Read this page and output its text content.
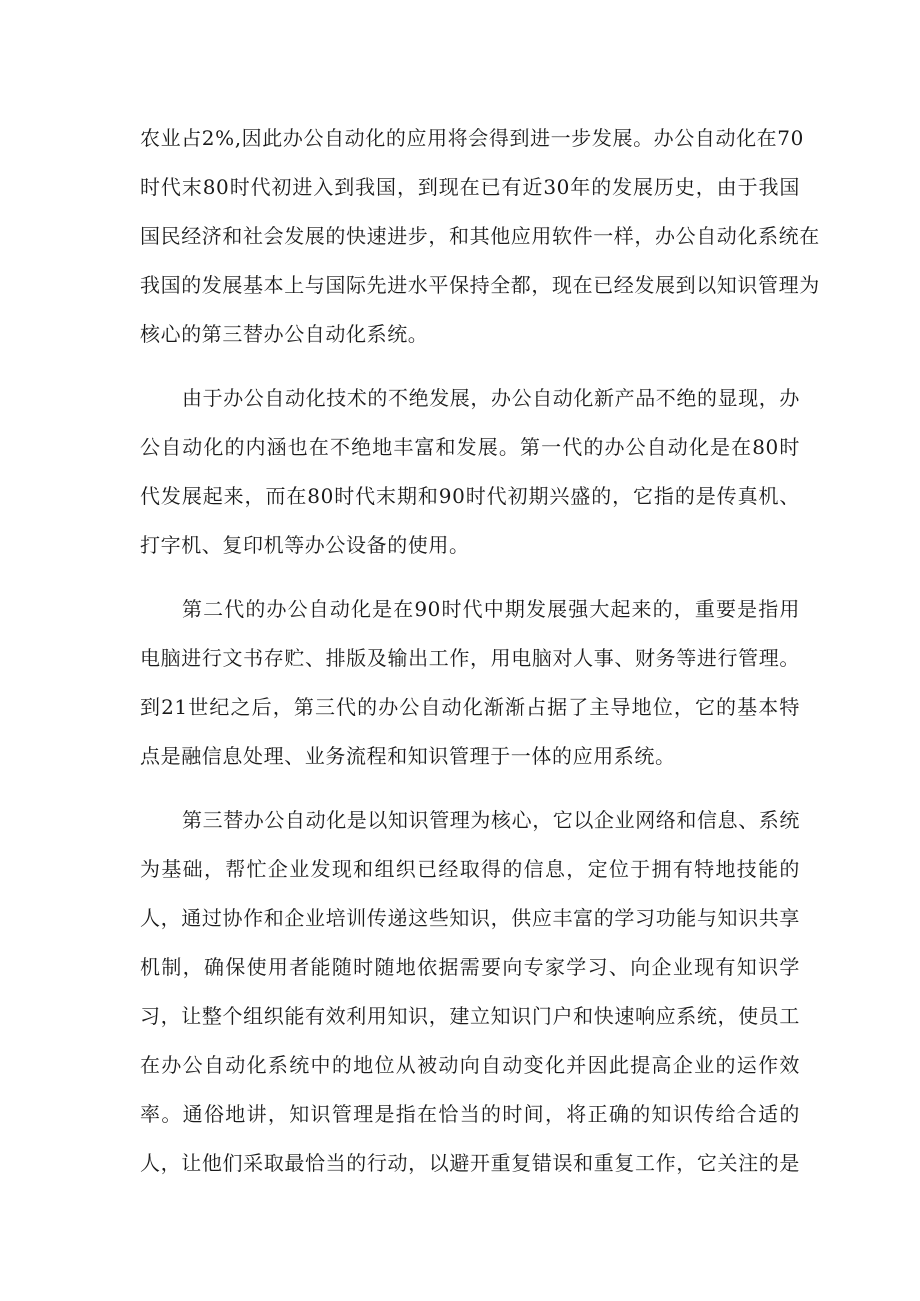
农业占2%,因此办公自动化的应用将会得到进一步发展。办公自动化在70
时代末80时代初进入到我国，到现在已有近30年的发展历史，由于我国
国民经济和社会发展的快速进步，和其他应用软件一样，办公自动化系统在
我国的发展基本上与国际先进水平保持全都，现在已经发展到以知识管理为
核心的第三替办公自动化系统。
由于办公自动化技术的不绝发展，办公自动化新产品不绝的显现，办
公自动化的内涵也在不绝地丰富和发展。第一代的办公自动化是在80时
代发展起来，而在80时代末期和90时代初期兴盛的，它指的是传真机、
打字机、复印机等办公设备的使用。
第二代的办公自动化是在90时代中期发展强大起来的，重要是指用
电脑进行文书存贮、排版及输出工作，用电脑对人事、财务等进行管理。
到21世纪之后，第三代的办公自动化渐渐占据了主导地位，它的基本特
点是融信息处理、业务流程和知识管理于一体的应用系统。
第三替办公自动化是以知识管理为核心，它以企业网络和信息、系统
为基础，帮忙企业发现和组织已经取得的信息，定位于拥有特地技能的
人，通过协作和企业培训传递这些知识，供应丰富的学习功能与知识共享
机制，确保使用者能随时随地依据需要向专家学习、向企业现有知识学
习，让整个组织能有效利用知识，建立知识门户和快速响应系统，使员工
在办公自动化系统中的地位从被动向自动变化并因此提高企业的运作效
率。通俗地讲，知识管理是指在恰当的时间，将正确的知识传给合适的
人，让他们采取最恰当的行动，以避开重复错误和重复工作，它关注的是
